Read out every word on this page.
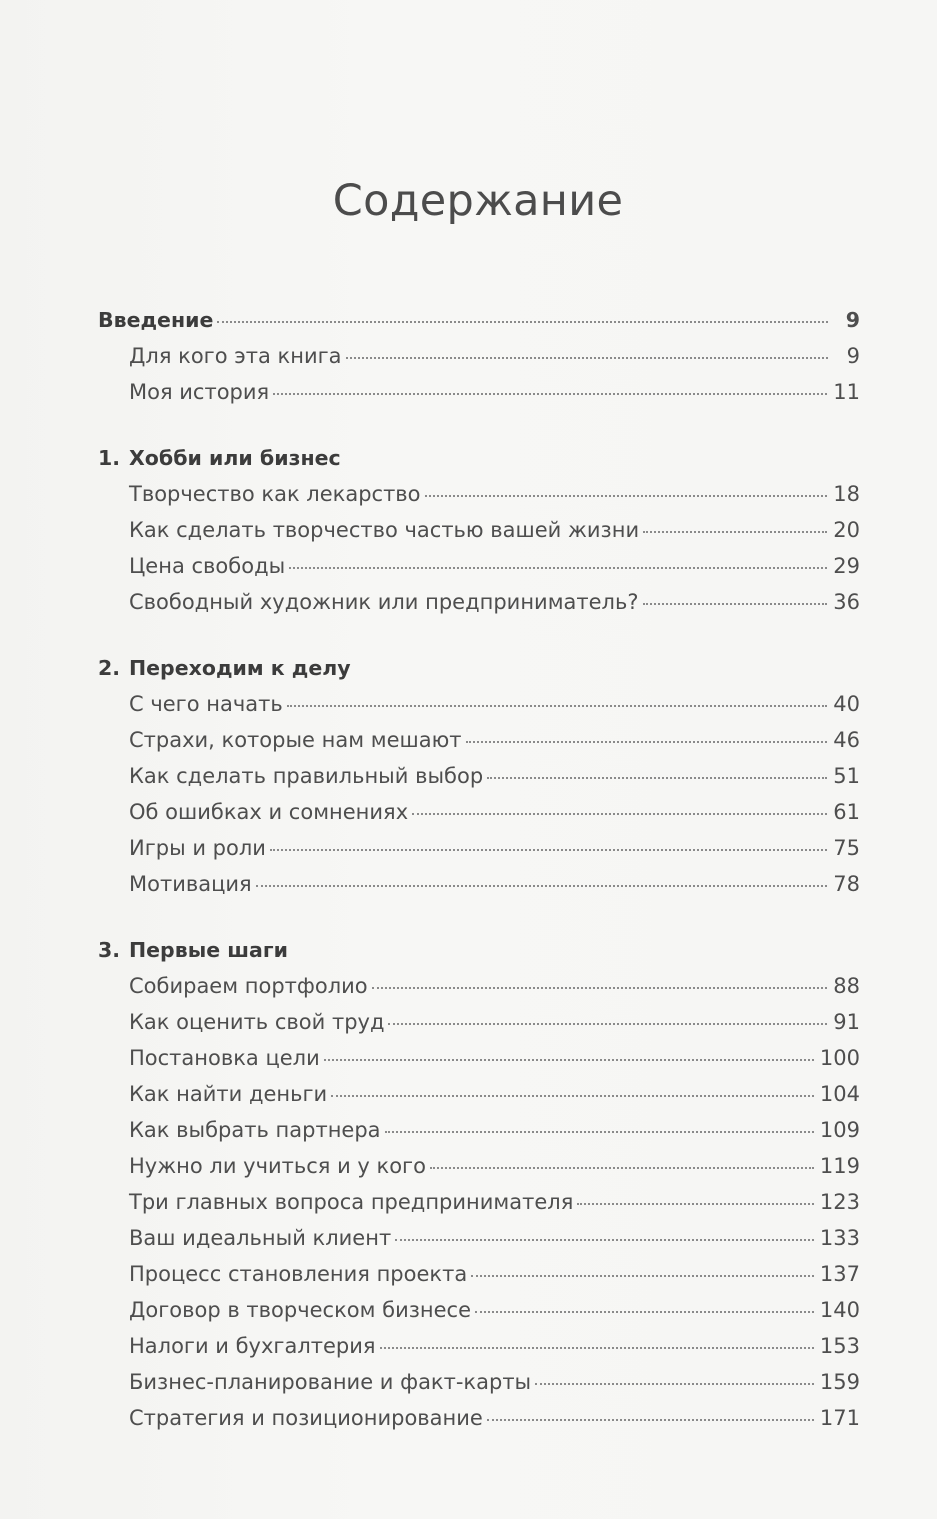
Содержание
Введение	9
Для кого эта книга	9
Моя история	11
1. Хобби или бизнес
Творчество как лекарство	18
Как сделать творчество частью вашей жизни	20
Цена свободы	29
Свободный художник или предприниматель?	36
2. Переходим к делу
С чего начать	40
Страхи, которые нам мешают	46
Как сделать правильный выбор	51
Об ошибках и сомнениях	61
Игры и роли	75
Мотивация	78
3. Первые шаги
Собираем портфолио	88
Как оценить свой труд	91
Постановка цели	100
Как найти деньги	104
Как выбрать партнера	109
Нужно ли учиться и у кого	119
Три главных вопроса предпринимателя	123
Ваш идеальный клиент	133
Процесс становления проекта	137
Договор в творческом бизнесе	140
Налоги и бухгалтерия	153
Бизнес-планирование и факт-карты	159
Стратегия и позиционирование	171
